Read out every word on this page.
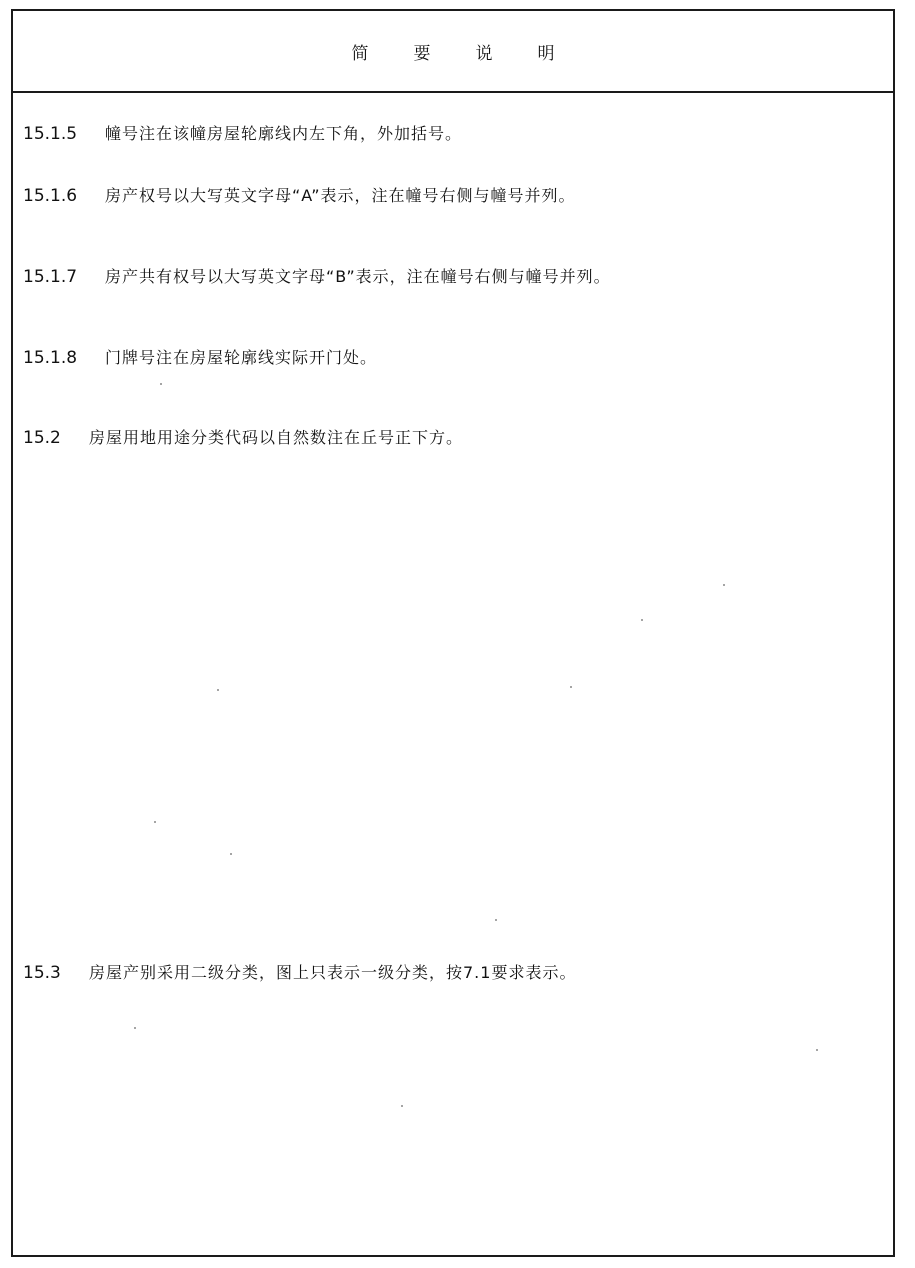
简	要	说	明
15.1.5	幢号注在该幢房屋轮廓线内左下角，外加括号。
15.1.6	房产权号以大写英文字母“A”表示，注在幢号右侧与幢号并列。
15.1.7	房产共有权号以大写英文字母“B”表示，注在幢号右侧与幢号并列。
15.1.8	门牌号注在房屋轮廓线实际开门处。
15.2	房屋用地用途分类代码以自然数注在丘号正下方。
15.3	房屋产别采用二级分类，图上只表示一级分类，按7.1要求表示。
